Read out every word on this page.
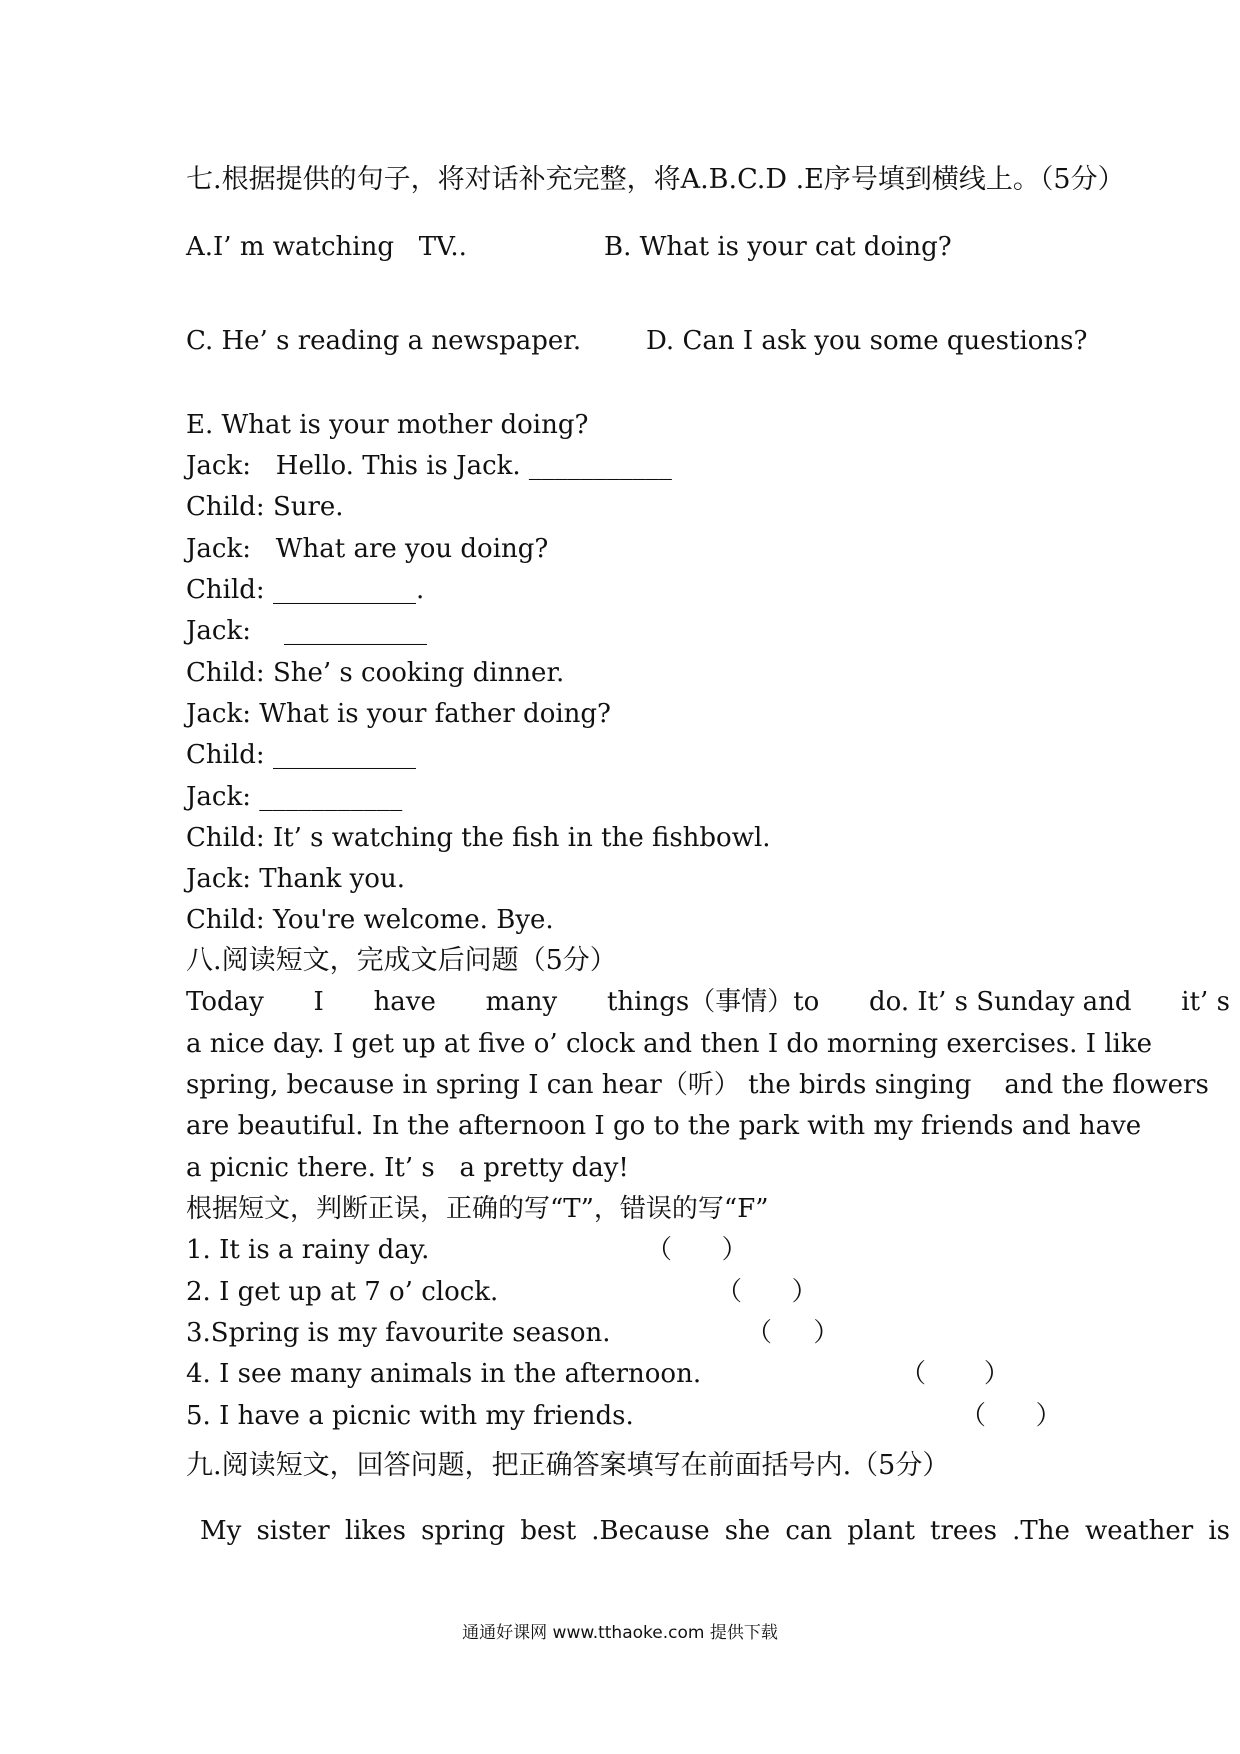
七.根据提供的句子，将对话补充完整，将A.B.C.D .E序号填到横线上。（5分）
A.I’ m watching   TV..	B. What is your cat doing?
C. He’ s reading a newspaper. D. Can I ask you some questions?
E. What is your mother doing?
Jack:   Hello. This is Jack. ___________
Child: Sure.
Jack:   What are you doing?
Child: ___________.
Jack:    ___________
Child: She’ s cooking dinner.
Jack: What is your father doing?
Child: ___________
Jack: ___________
Child: It’ s watching the fish in the fishbowl.
Jack: Thank you.
Child: You're welcome. Bye.
八.阅读短文，完成文后问题（5分）
Today I have many things（事情）to do. It’ s Sunday and it’ s
a nice day. I get up at five o’ clock and then I do morning exercises. I like
spring, because in spring I can hear（听） the birds singing    and the flowers
are beautiful. In the afternoon I go to the park with my friends and have
a picnic there. It’ s   a pretty day!
根据短文，判断正误，正确的写“T”，错误的写“F”
1. It is a rainy day.	（      ）
2. I get up at 7 o’ clock.	（      ）
3.Spring is my favourite season.	（     ）
4. I see many animals in the afternoon.	（       ）
5. I have a picnic with my friends.	（      ）
九.阅读短文，回答问题，把正确答案填写在前面括号内.（5分）
My sister likes spring best .Because she can plant trees .The weather is
通通好课网 www.tthaoke.com 提供下载
